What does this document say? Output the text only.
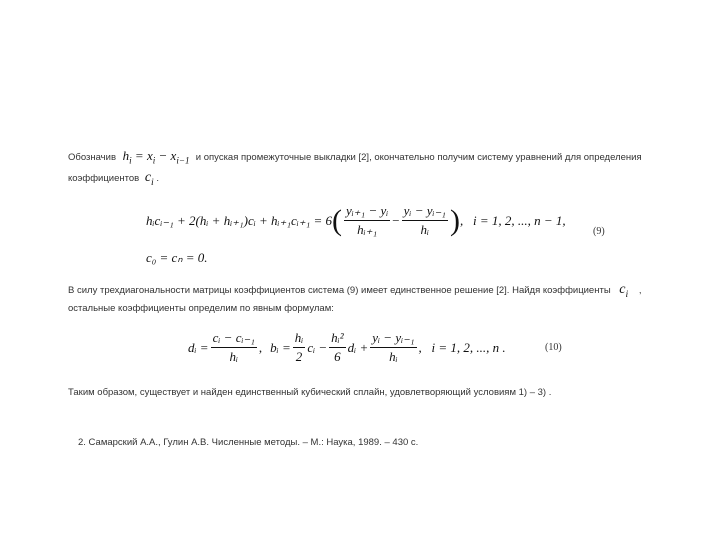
Обозначив $h_i = x_i - x_{i-1}$ и опуская промежуточные выкладки [2], окончательно получим систему уравнений для определения
коэффициентов $c_i$ .
hᵢcᵢ₋₁ + 2(hᵢ + hᵢ₊₁)cᵢ + hᵢ₊₁cᵢ₊₁ = 6 ( $\frac{\text{yᵢ₊₁ − yᵢ}}{\text{hᵢ₊₁}} - \frac{\text{yᵢ − yᵢ₋₁}}{\text{hᵢ}}$ ) ,   i = 1, 2, ..., n − 1,
(9)
c₀ = cₙ = 0.
В силу трехдиагональности матрицы коэффициентов система (9) имеет единственное решение [2]. Найдя коэффициенты $c_i$ ,
остальные коэффициенты определим по явным формулам:
dᵢ = $\frac{\text{cᵢ − cᵢ₋₁}}{\text{hᵢ}}$ , bᵢ = $\frac{\text{hᵢ}}{2}$ cᵢ − $\frac{\text{hᵢ²}}{6}$ dᵢ + $\frac{\text{yᵢ − yᵢ₋₁}}{\text{hᵢ}}$ ,   i = 1, 2, ..., n .	(10)
Таким образом, существует и найден единственный кубический сплайн, удовлетворяющий условиям 1) – 3) .
2. Самарский А.А., Гулин А.В. Численные методы. – М.: Наука, 1989. – 430 с.
